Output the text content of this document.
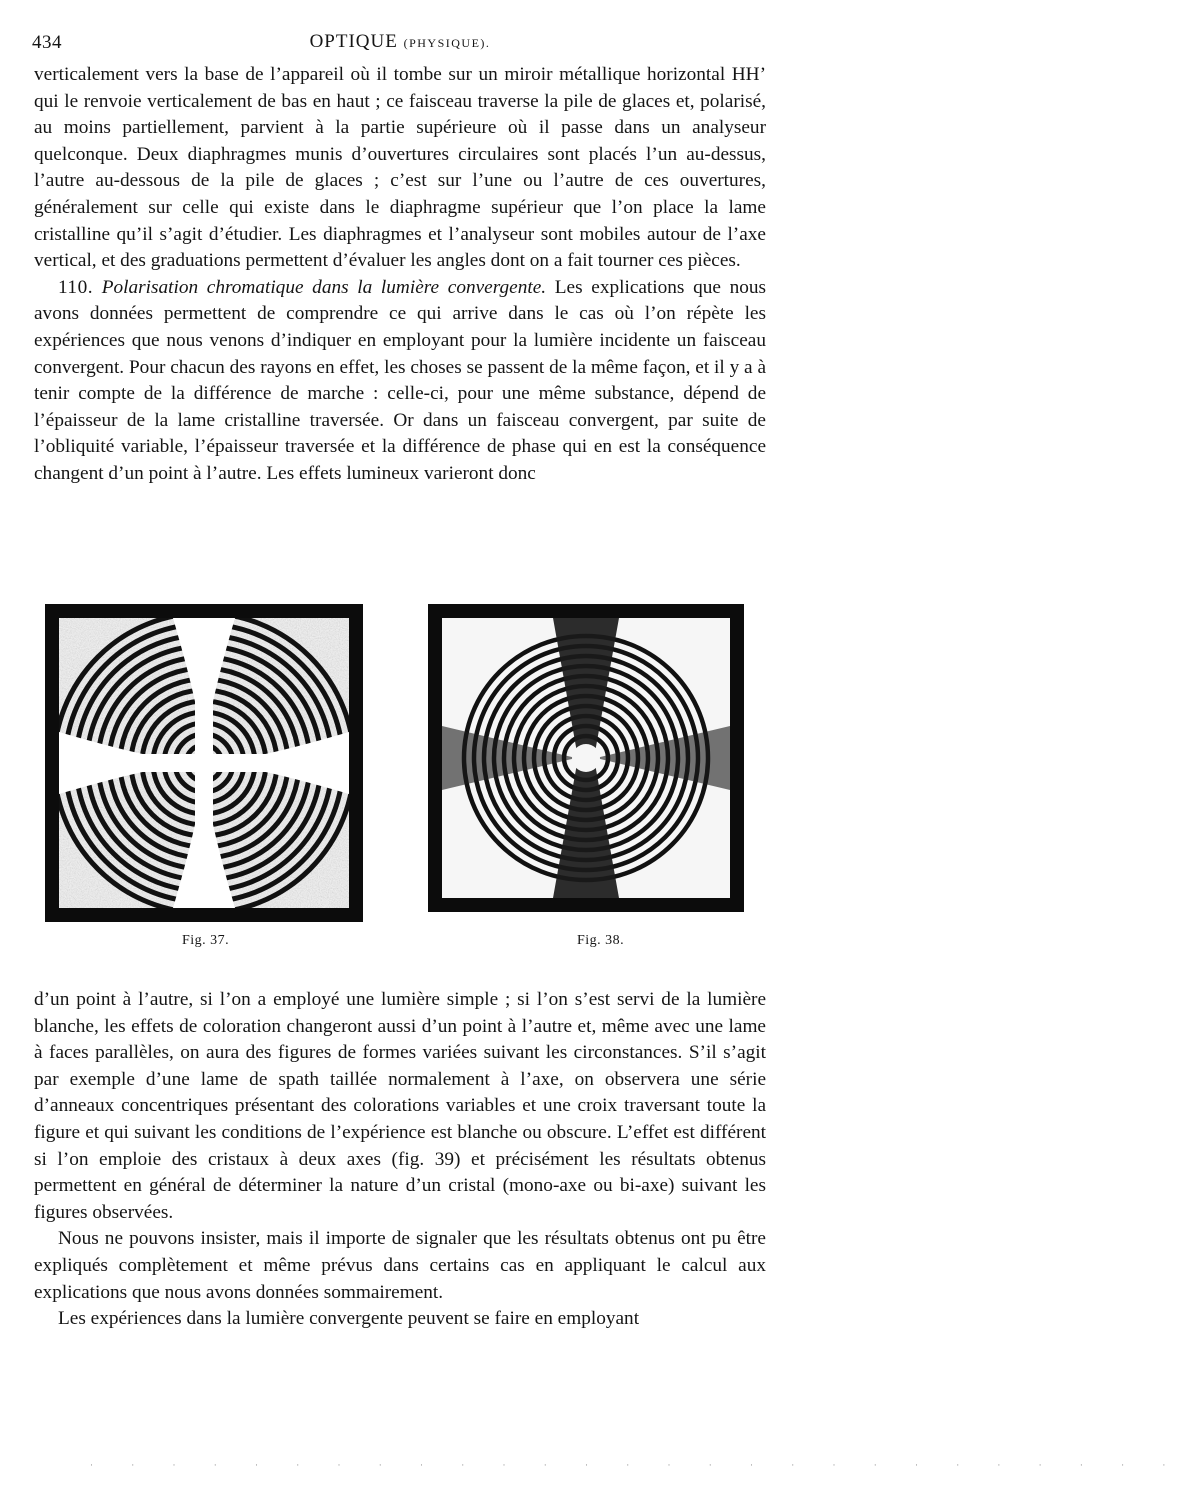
434	OPTIQUE (PHYSIQUE).

verticalement vers la base de l’appareil où il tombe sur un miroir métallique horizontal HH’ qui le renvoie verticalement de bas en haut ; ce faisceau traverse la pile de glaces et, polarisé, au moins partiellement, parvient à la partie supérieure où il passe dans un analyseur quelconque. Deux diaphragmes munis d’ouvertures circulaires sont placés l’un au-dessus, l’autre au-dessous de la pile de glaces ; c’est sur l’une ou l’autre de ces ouvertures, généralement sur celle qui existe dans le diaphragme supérieur que l’on place la lame cristalline qu’il s’agit d’étudier. Les diaphragmes et l’analyseur sont mobiles autour de l’axe vertical, et des graduations permettent d’évaluer les angles dont on a fait tourner ces pièces.

110. Polarisation chromatique dans la lumière convergente. Les explications que nous avons données permettent de comprendre ce qui arrive dans le cas où l’on répète les expériences que nous venons d’indiquer en employant pour la lumière incidente un faisceau convergent. Pour chacun des rayons en effet, les choses se passent de la même façon, et il y a à tenir compte de la différence de marche : celle-ci, pour une même substance, dépend de l’épaisseur de la lame cristalline traversée. Or dans un faisceau convergent, par suite de l’obliquité variable, l’épaisseur traversée et la différence de phase qui en est la conséquence changent d’un point à l’autre. Les effets lumineux varieront donc

Fig. 37.	Fig. 38.

d’un point à l’autre, si l’on a employé une lumière simple ; si l’on s’est servi de la lumière blanche, les effets de coloration changeront aussi d’un point à l’autre et, même avec une lame à faces parallèles, on aura des figures de formes variées suivant les circonstances. S’il s’agit par exemple d’une lame de spath taillée normalement à l’axe, on observera une série d’anneaux concentriques présentant des colorations variables et une croix traversant toute la figure et qui suivant les conditions de l’expérience est blanche ou obscure. L’effet est différent si l’on emploie des cristaux à deux axes (fig. 39) et précisément les résultats obtenus permettent en général de déterminer la nature d’un cristal (mono-axe ou bi-axe) suivant les figures observées.

Nous ne pouvons insister, mais il importe de signaler que les résultats obtenus ont pu être expliqués complètement et même prévus dans certains cas en appliquant le calcul aux explications que nous avons données sommairement.

Les expériences dans la lumière convergente peuvent se faire en employant

· · · · · · · · · · · · · · · · · · · · · · · · · · ·
